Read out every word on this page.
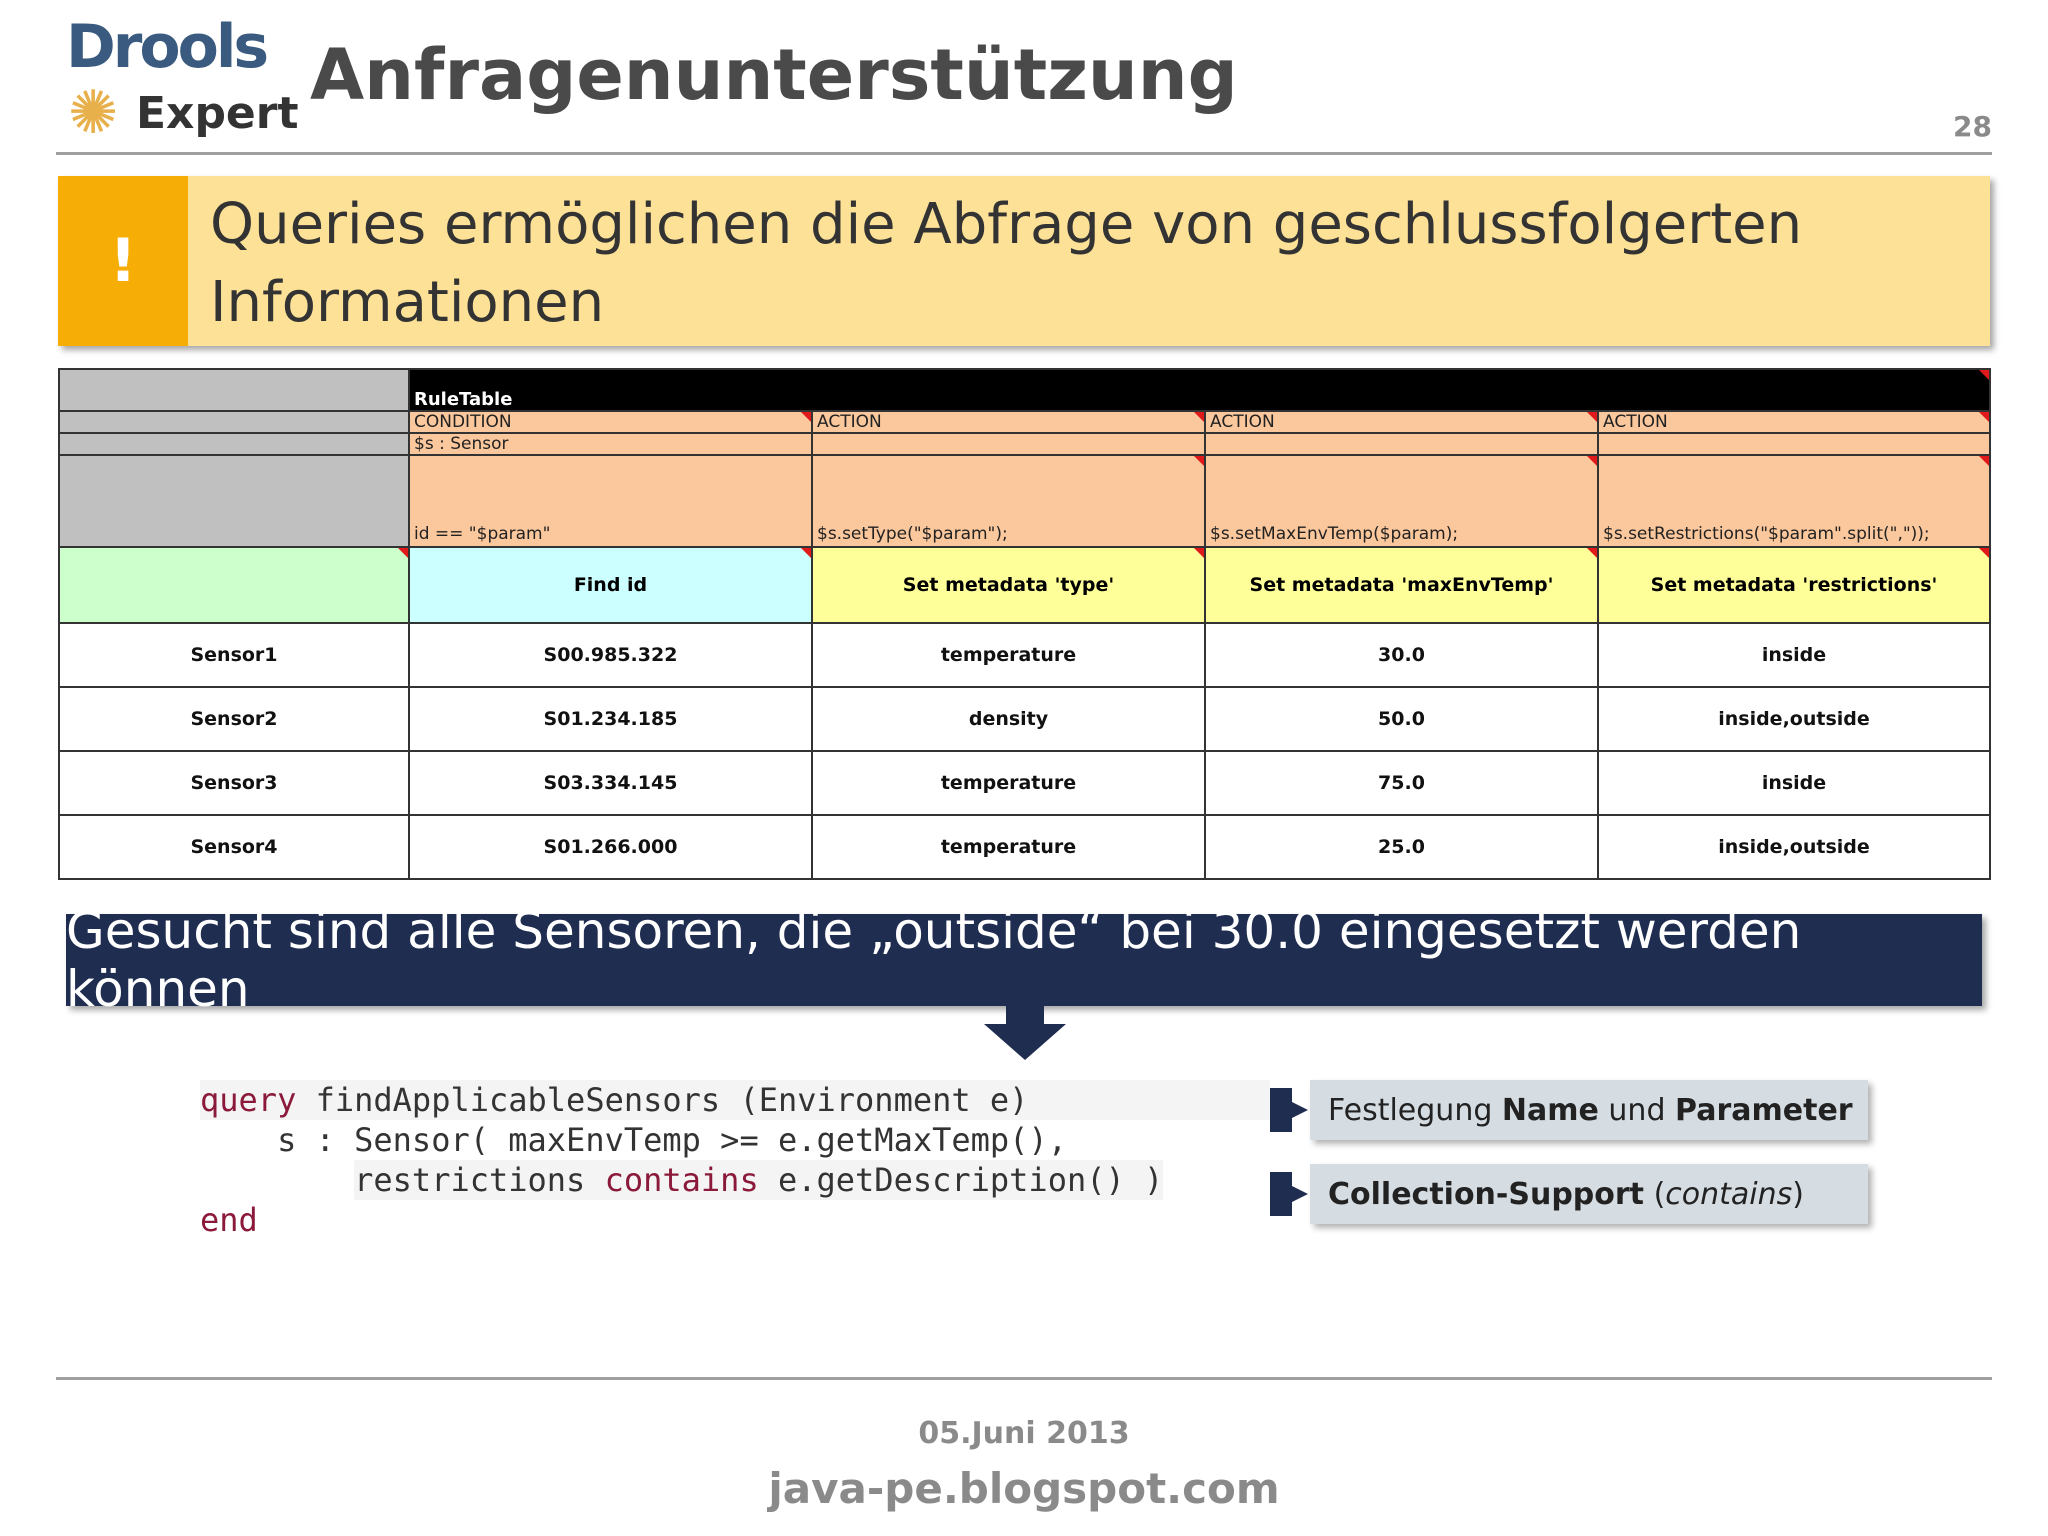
Drools
✺ Expert Anfragenunterstützung
28
!
Queries ermöglichen die Abfrage von geschlussfolgerten Informationen
	RuleTable			

	CONDITION	ACTION	ACTION	ACTION

	$s : Sensor			
	id == "$param"	$s.setType("$param");	$s.setMaxEnvTemp($param);	$s.setRestrictions("$param".split(","));

	Find id	Set metadata 'type'	Set metadata 'maxEnvTemp'	Set metadata 'restrictions'

Sensor1	S00.985.322	temperature	30.0	inside
Sensor2	S01.234.185	density	50.0	inside,outside
Sensor3	S03.334.145	temperature	75.0	inside
Sensor4	S01.266.000	temperature	25.0	inside,outside
Gesucht sind alle Sensoren, die „outside“ bei 30.0 eingesetzt werden können
query findApplicableSensors (Environment e)
s : Sensor( maxEnvTemp >= e.getMaxTemp(),
restrictions contains e.getDescription() )
end
Festlegung Name und Parameter
Collection-Support ( contains )
05.Juni 2013
java-pe.blogspot.com
